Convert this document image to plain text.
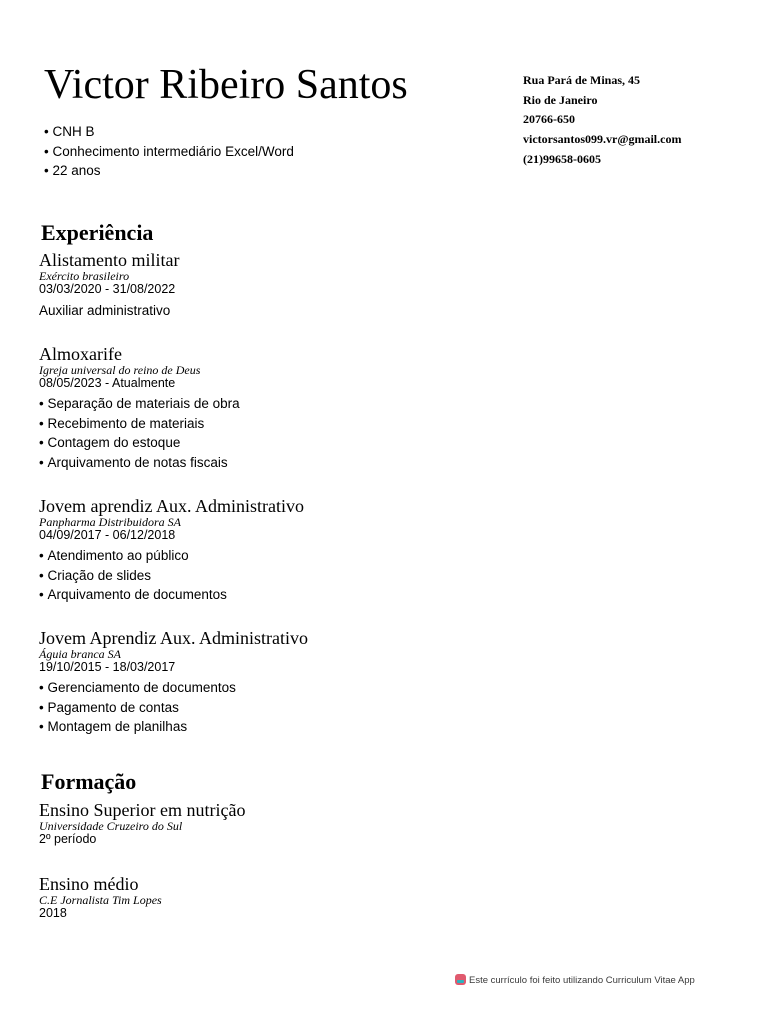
Victor Ribeiro Santos
• CNH B
• Conhecimento intermediário Excel/Word
• 22 anos
Rua Pará de Minas, 45
Rio de Janeiro
20766-650
victorsantos099.vr@gmail.com
(21)99658-0605
Experiência
Alistamento militar
Exército brasileiro
03/03/2020 - 31/08/2022
Auxiliar administrativo
Almoxarife
Igreja universal do reino de Deus
08/05/2023 - Atualmente
• Separação de materiais de obra
• Recebimento de materiais
• Contagem do estoque
• Arquivamento de notas fiscais
Jovem aprendiz Aux. Administrativo
Panpharma Distribuidora SA
04/09/2017 - 06/12/2018
• Atendimento ao público
• Criação de slides
• Arquivamento de documentos
Jovem Aprendiz Aux. Administrativo
Águia branca SA
19/10/2015 - 18/03/2017
• Gerenciamento de documentos
• Pagamento de contas
• Montagem de planilhas
Formação
Ensino Superior em nutrição
Universidade Cruzeiro do Sul
2º período
Ensino médio
C.E Jornalista Tim Lopes
2018
Este currículo foi feito utilizando Curriculum Vitae App
